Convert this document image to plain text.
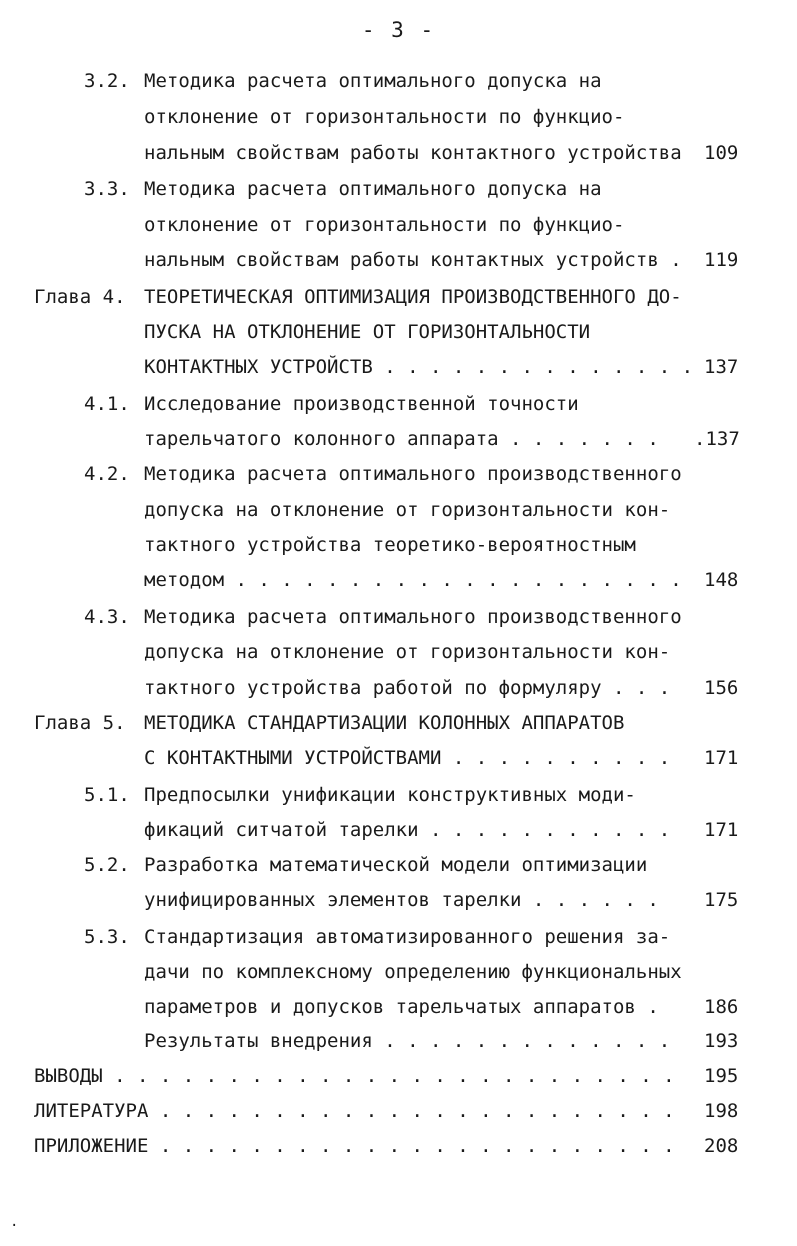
- 3 -
3.2. Методика расчета оптимального допуска на
отклонение от горизонтальности по функцио-
нальным свойствам работы контактного устройства 109
3.3. Методика расчета оптимального допуска на
отклонение от горизонтальности по функцио-
нальным свойствам работы контактных устройств . 119
Глава 4. ТЕОРЕТИЧЕСКАЯ ОПТИМИЗАЦИЯ ПРОИЗВОДСТВЕННОГО ДО-
ПУСКА НА ОТКЛОНЕНИЕ ОТ ГОРИЗОНТАЛЬНОСТИ
КОНТАКТНЫХ УСТРОЙСТВ . . . . . . . . . . . . . . 137
4.1. Исследование производственной точности
тарельчатого колонного аппарата . . . . . . . .137
4.2. Методика расчета оптимального производственного
допуска на отклонение от горизонтальности кон-
тактного устройства теоретико-вероятностным
методом . . . . . . . . . . . . . . . . . . . . 148
4.3. Методика расчета оптимального производственного
допуска на отклонение от горизонтальности кон-
тактного устройства работой по формуляру . . . 156
Глава 5. МЕТОДИКА СТАНДАРТИЗАЦИИ КОЛОННЫХ АППАРАТОВ
С КОНТАКТНЫМИ УСТРОЙСТВАМИ . . . . . . . . . . 171
5.1. Предпосылки унификации конструктивных моди-
фикаций ситчатой тарелки . . . . . . . . . . . 171
5.2. Разработка математической модели оптимизации
унифицированных элементов тарелки . . . . . . 175
5.3. Стандартизация автоматизированного решения за-
дачи по комплексному определению функциональных
параметров и допусков тарельчатых аппаратов . 186
Результаты внедрения . . . . . . . . . . . . . 193
ВЫВОДЫ . . . . . . . . . . . . . . . . . . . . . . . . . 195
ЛИТЕРАТУРА . . . . . . . . . . . . . . . . . . . . . . . 198
ПРИЛОЖЕНИЕ . . . . . . . . . . . . . . . . . . . . . . . 208
·
